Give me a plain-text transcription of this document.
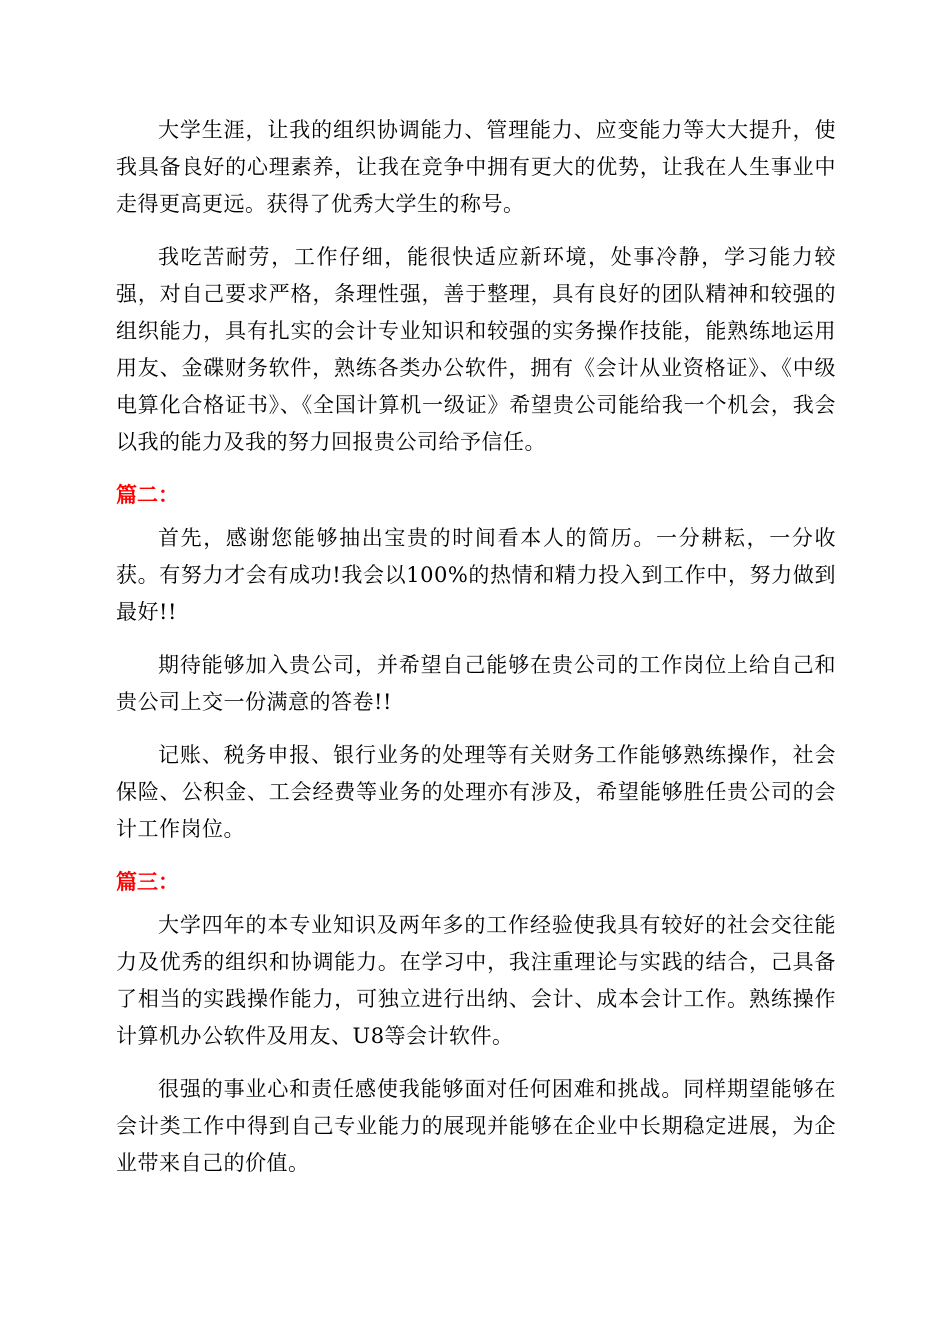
大学生涯，让我的组织协调能力、管理能力、应变能力等大大提升，使我具备良好的心理素养，让我在竞争中拥有更大的优势，让我在人生事业中走得更高更远。获得了优秀大学生的称号。

我吃苦耐劳，工作仔细，能很快适应新环境，处事冷静，学习能力较强，对自己要求严格，条理性强，善于整理，具有良好的团队精神和较强的组织能力，具有扎实的会计专业知识和较强的实务操作技能，能熟练地运用用友、金碟财务软件，熟练各类办公软件，拥有《会计从业资格证》、《中级电算化合格证书》、《全国计算机一级证》希望贵公司能给我一个机会，我会以我的能力及我的努力回报贵公司给予信任。

篇二：

首先，感谢您能够抽出宝贵的时间看本人的简历。一分耕耘，一分收获。有努力才会有成功!我会以100%的热情和精力投入到工作中，努力做到最好!!

期待能够加入贵公司，并希望自己能够在贵公司的工作岗位上给自己和贵公司上交一份满意的答卷!!

记账、税务申报、银行业务的处理等有关财务工作能够熟练操作，社会保险、公积金、工会经费等业务的处理亦有涉及，希望能够胜任贵公司的会计工作岗位。

篇三：

大学四年的本专业知识及两年多的工作经验使我具有较好的社会交往能力及优秀的组织和协调能力。在学习中，我注重理论与实践的结合，己具备了相当的实践操作能力，可独立进行出纳、会计、成本会计工作。熟练操作计算机办公软件及用友、U8等会计软件。

很强的事业心和责任感使我能够面对任何困难和挑战。同样期望能够在会计类工作中得到自己专业能力的展现并能够在企业中长期稳定进展，为企业带来自己的价值。
